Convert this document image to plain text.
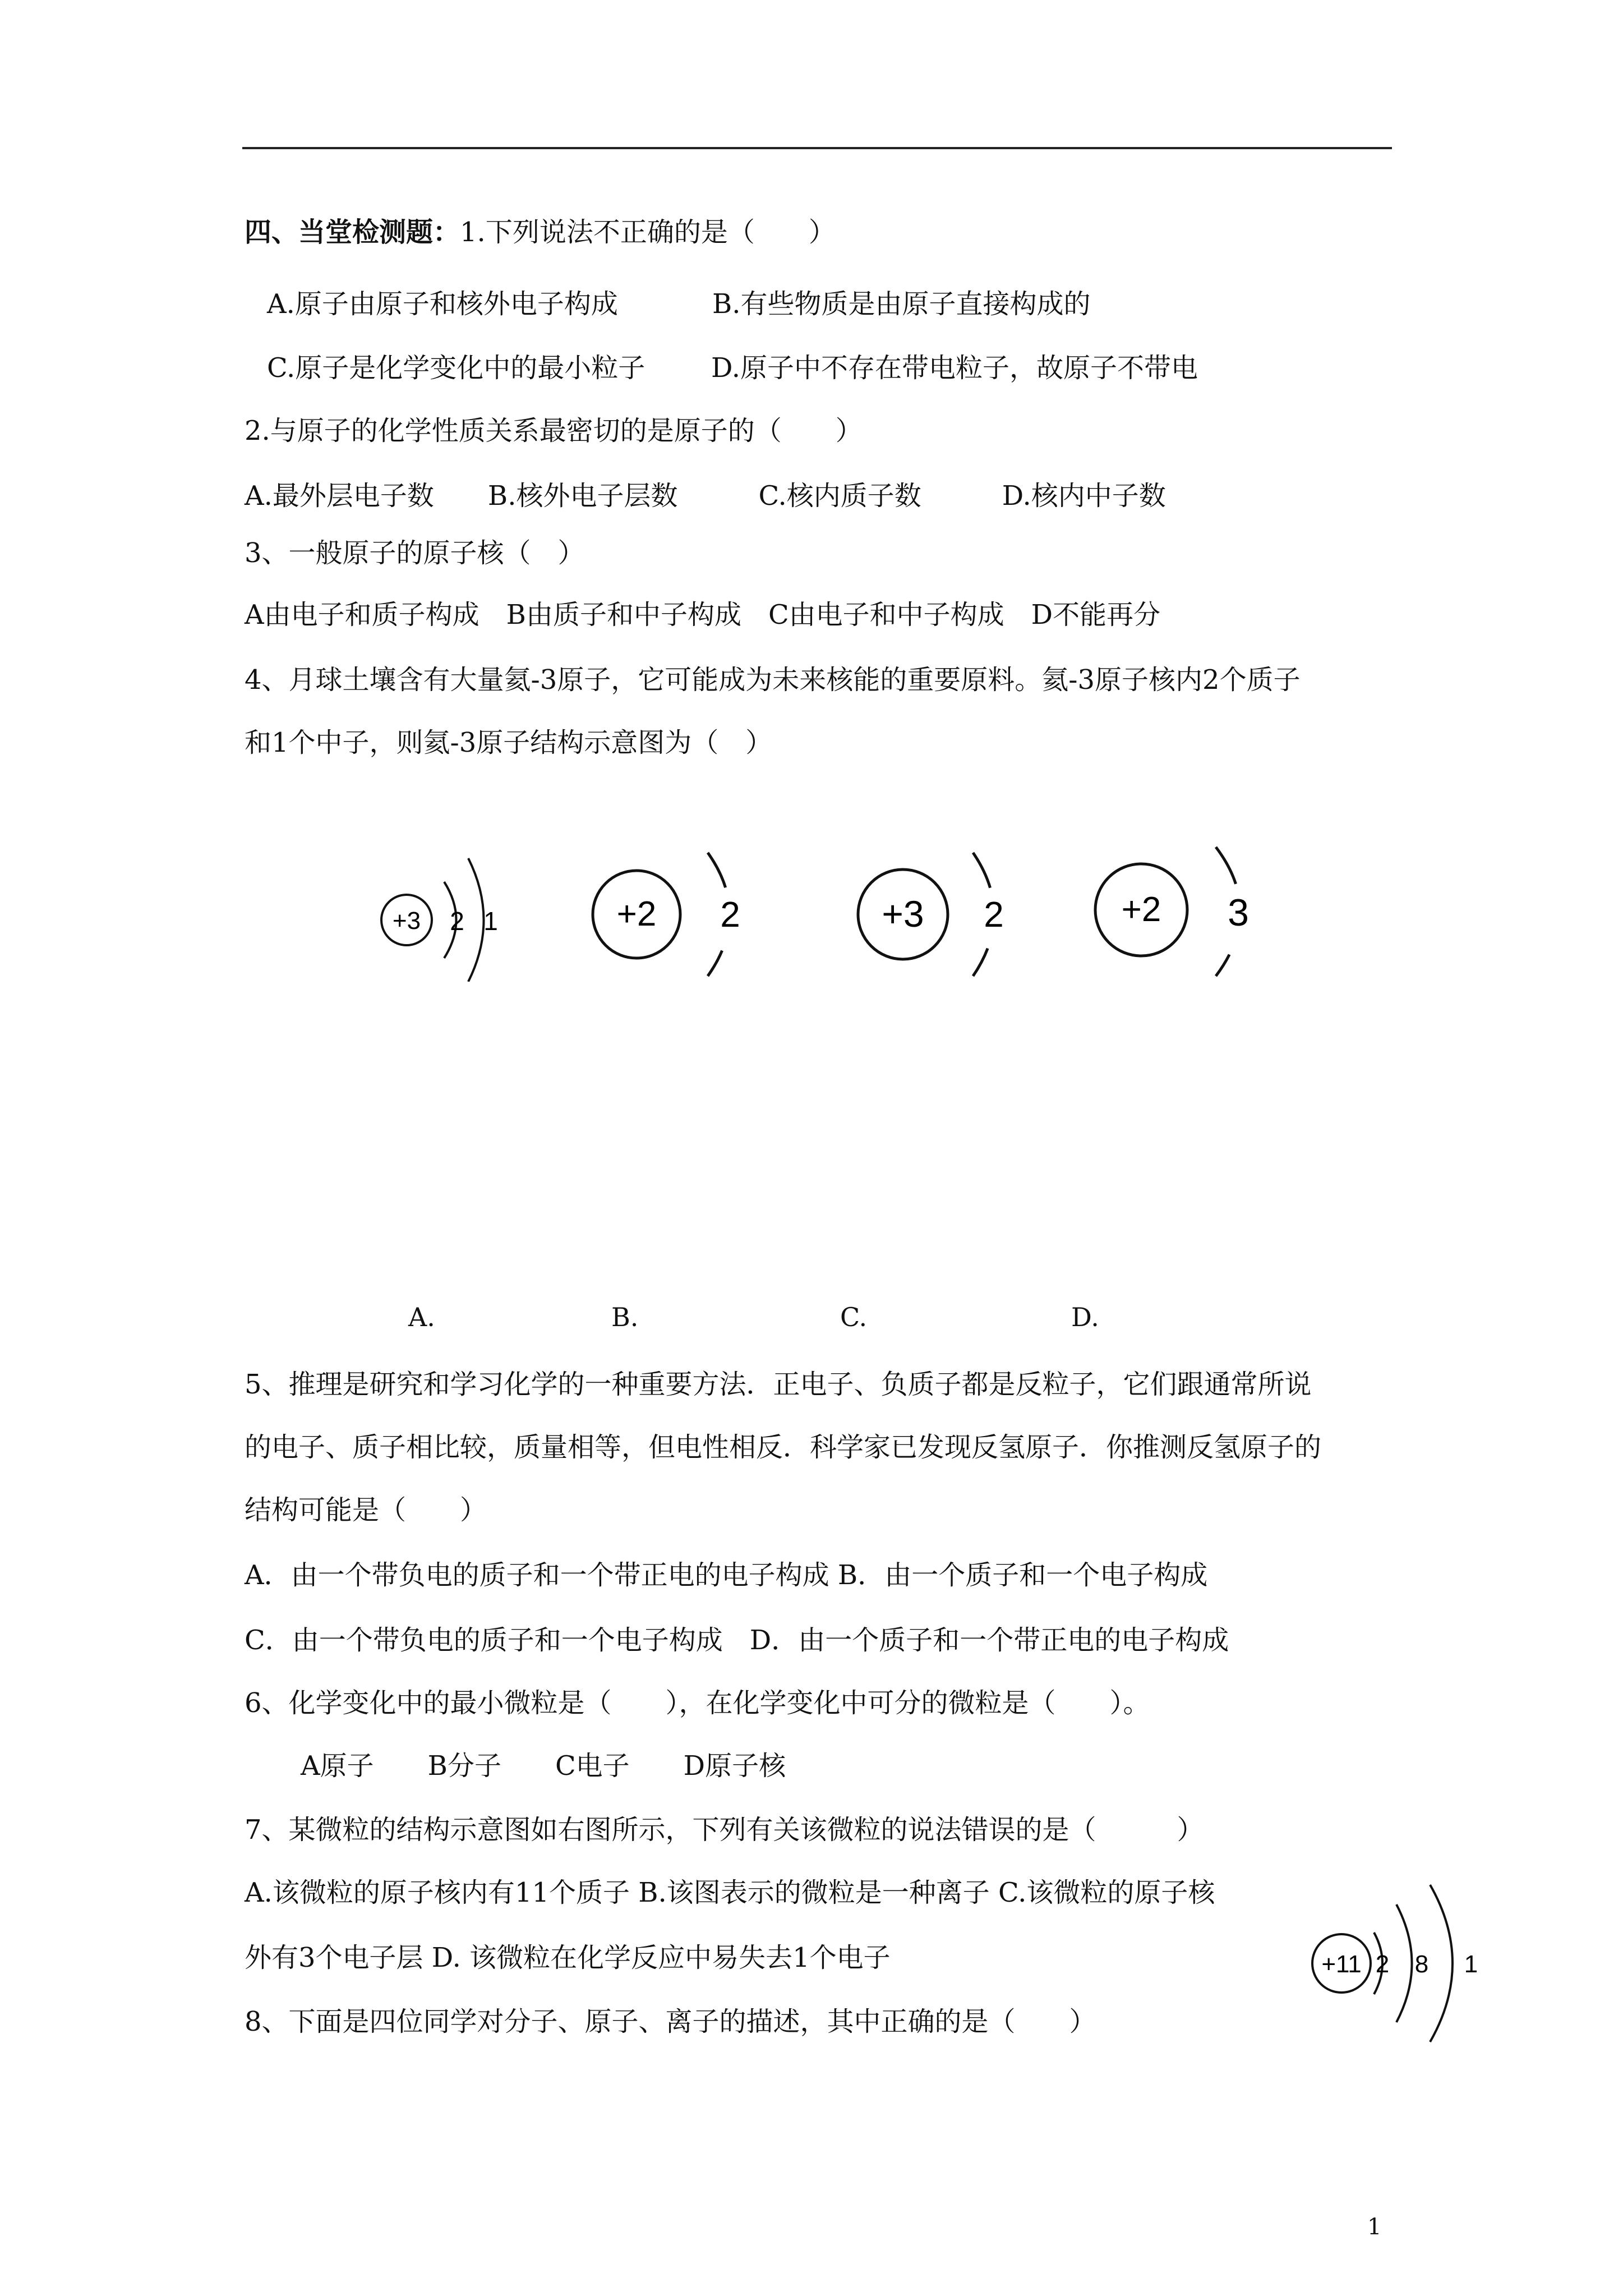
四、当堂检测题：1.下列说法不正确的是（　　）
A.原子由原子和核外电子构成	B.有些物质是由原子直接构成的
C.原子是化学变化中的最小粒子 D.原子中不存在带电粒子，故原子不带电
2.与原子的化学性质关系最密切的是原子的（　　）
A.最外层电子数　　B.核外电子层数　　　C.核内质子数　　　D.核内中子数
3、一般原子的原子核（　）
A由电子和质子构成　B由质子和中子构成　C由电子和中子构成　D不能再分
4、月球土壤含有大量氦-3原子，它可能成为未来核能的重要原料。氦-3原子核内2个质子
和1个中子，则氦-3原子结构示意图为（　）
+3 2 1	+2 2	+3 2	+2 3
A.	B.	C.	D.
5、推理是研究和学习化学的一种重要方法．正电子、负质子都是反粒子，它们跟通常所说
的电子、质子相比较，质量相等，但电性相反．科学家已发现反氢原子．你推测反氢原子的
结构可能是（　　）
A．由一个带负电的质子和一个带正电的电子构成 B．由一个质子和一个电子构成
C．由一个带负电的质子和一个电子构成　D．由一个质子和一个带正电的电子构成
6、化学变化中的最小微粒是（　　），在化学变化中可分的微粒是（　　）。
A原子　　B分子　　C电子　　D原子核
7、某微粒的结构示意图如右图所示，下列有关该微粒的说法错误的是（　　　）
A.该微粒的原子核内有11个质子 B.该图表示的微粒是一种离子 C.该微粒的原子核
外有3个电子层 D. 该微粒在化学反应中易失去1个电子	+11 2 8 1
8、下面是四位同学对分子、原子、离子的描述，其中正确的是（　　）
1
